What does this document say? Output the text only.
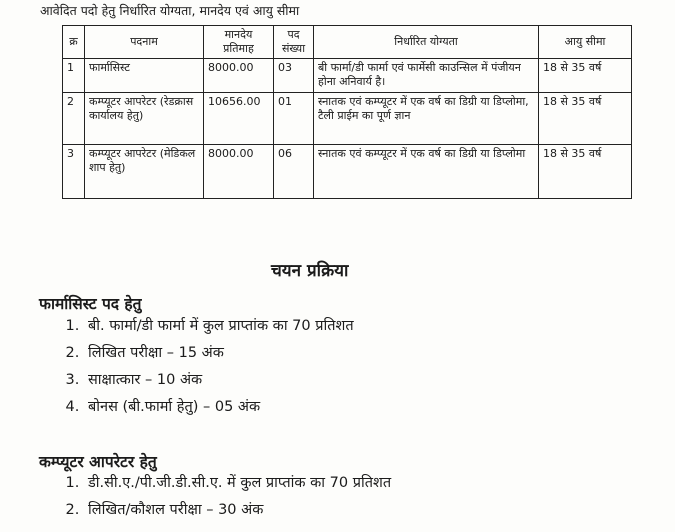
आवेदित पदो हेतु निर्धारित योग्यता, मानदेय एवं आयु सीमा
क्र	पदनाम	मानदेय प्रतिमाह	पद संख्या	निर्धारित योग्यता	आयु सीमा
1	फार्मासिस्ट	8000.00	03	बी फार्मा/डी फार्मा एवं फार्मेसी काउन्सिल में पंजीयन होना अनिवार्य है।	18 से 35 वर्ष
2	कम्प्यूटर आपरेटर (रेडक्रास कार्यालय हेतु)	10656.00	01	स्नातक एवं कम्प्यूटर में एक वर्ष का डिग्री या डिप्लोमा, टैली प्राईम का पूर्ण ज्ञान	18 से 35 वर्ष
3	कम्प्यूटर आपरेटर (मेडिकल शाप हेतु)	8000.00	06	स्नातक एवं कम्प्यूटर में एक वर्ष का डिग्री या डिप्लोमा	18 से 35 वर्ष
चयन प्रक्रिया
फार्मासिस्ट पद हेतु
1. बी. फार्मा/डी फार्मा में कुल प्राप्तांक का 70 प्रतिशत
2. लिखित परीक्षा – 15 अंक
3. साक्षात्कार – 10 अंक
4. बोनस (बी.फार्मा हेतु) – 05 अंक
कम्प्यूटर आपरेटर हेतु
1. डी.सी.ए./पी.जी.डी.सी.ए. में कुल प्राप्तांक का 70 प्रतिशत
2. लिखित/कौशल परीक्षा – 30 अंक
